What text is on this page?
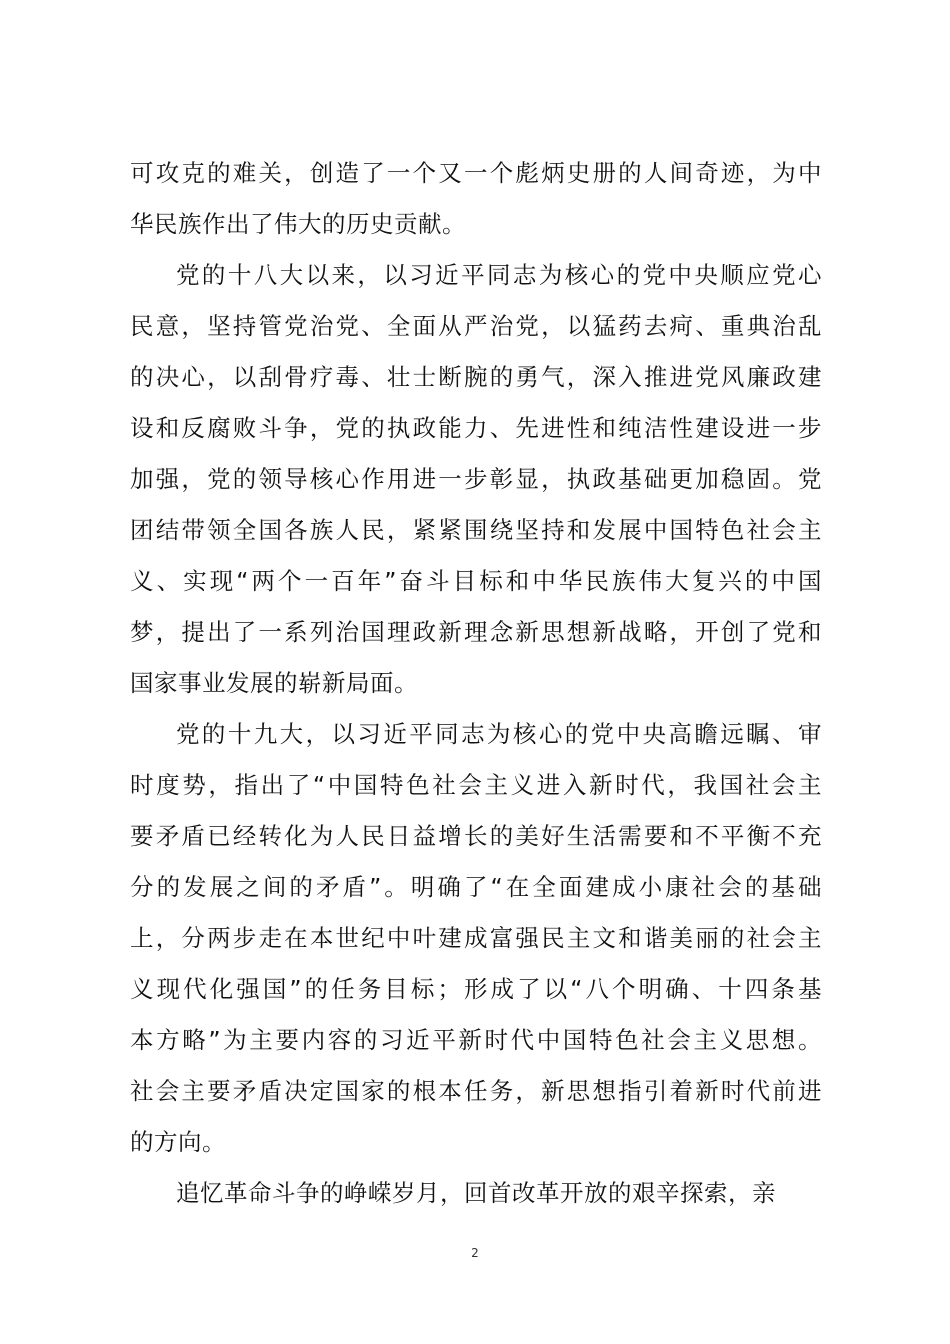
可攻克的难关，创造了一个又一个彪炳史册的人间奇迹，为中
华民族作出了伟大的历史贡献。
党的十八大以来，以习近平同志为核心的党中央顺应党心
民意，坚持管党治党、全面从严治党，以猛药去疴、重典治乱
的决心，以刮骨疗毒、壮士断腕的勇气，深入推进党风廉政建
设和反腐败斗争，党的执政能力、先进性和纯洁性建设进一步
加强，党的领导核心作用进一步彰显，执政基础更加稳固。党
团结带领全国各族人民，紧紧围绕坚持和发展中国特色社会主
义、实现“两个一百年”奋斗目标和中华民族伟大复兴的中国
梦，提出了一系列治国理政新理念新思想新战略，开创了党和
国家事业发展的崭新局面。
党的十九大，以习近平同志为核心的党中央高瞻远瞩、审
时度势，指出了“中国特色社会主义进入新时代，我国社会主
要矛盾已经转化为人民日益增长的美好生活需要和不平衡不充
分的发展之间的矛盾”。明确了“在全面建成小康社会的基础
上，分两步走在本世纪中叶建成富强民主文和谐美丽的社会主
义现代化强国”的任务目标；形成了以“八个明确、十四条基
本方略”为主要内容的习近平新时代中国特色社会主义思想。
社会主要矛盾决定国家的根本任务，新思想指引着新时代前进
的方向。
追忆革命斗争的峥嵘岁月，回首改革开放的艰辛探索，亲
2
